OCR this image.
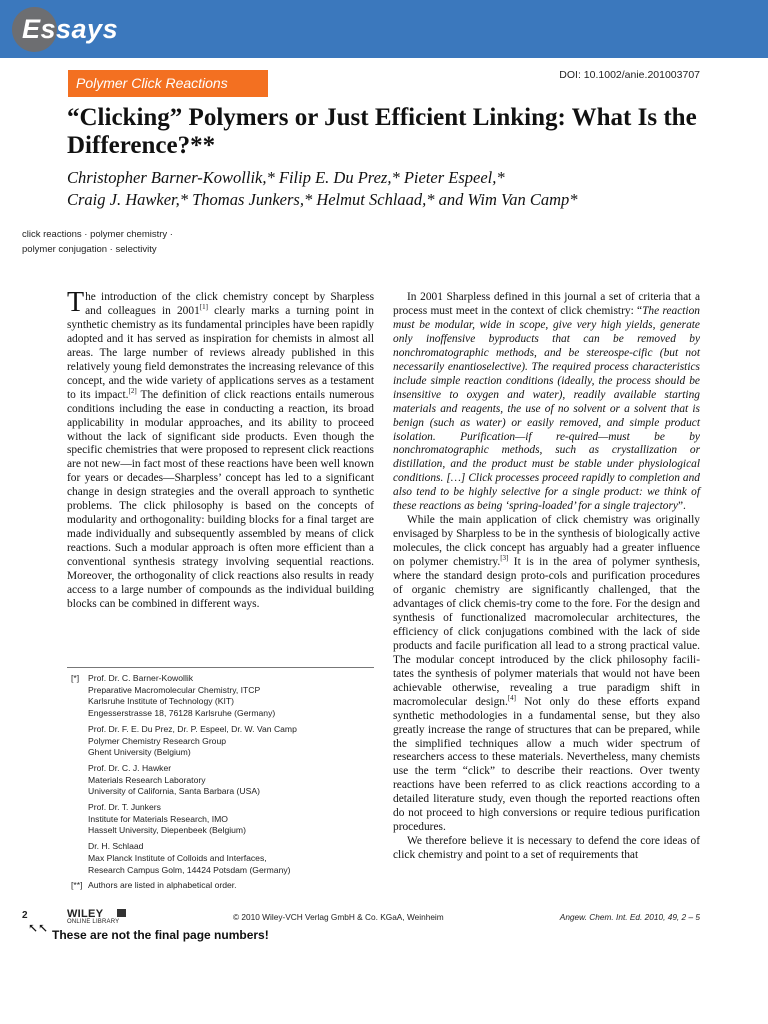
Essays
Polymer Click Reactions	DOI: 10.1002/anie.201003707
“Clicking” Polymers or Just Efficient Linking: What Is the Difference?**
Christopher Barner-Kowollik,* Filip E. Du Prez,* Pieter Espeel,*
Craig J. Hawker,* Thomas Junkers,* Helmut Schlaad,* and Wim Van Camp*
click reactions · polymer chemistry ·
polymer conjugation · selectivity

The introduction of the click chemistry concept by Sharpless and colleagues in 2001[1] clearly marks a turning point in synthetic chemistry as its fundamental principles have been rapidly adopted and it has served as inspiration for chemists in almost all areas. The large number of reviews already published in this relatively young field demonstrates the increasing relevance of this concept, and the wide variety of applications serves as a testament to its impact.[2] The definition of click reactions entails numerous conditions including the ease in conducting a reaction, its broad applicability in modular approaches, and its ability to proceed without the lack of significant side products. Even though the specific chemistries that were proposed to represent click reactions are not new—in fact most of these reactions have been well known for years or decades—Sharpless’ concept has led to a significant change in design strategies and the overall approach to synthetic problems. The click philosophy is based on the concepts of modularity and orthogonality: building blocks for a final target are made individually and subsequently assembled by means of click reactions. Such a modular approach is often more efficient than a conventional synthesis strategy involving sequential reactions. Moreover, the orthogonality of click reactions also results in ready access to a large number of compounds as the individual building blocks can be combined in different ways.

[*] Prof. Dr. C. Barner-Kowollik
Preparative Macromolecular Chemistry, ITCP
Karlsruhe Institute of Technology (KIT)
Engesserstrasse 18, 76128 Karlsruhe (Germany)
Prof. Dr. F. E. Du Prez, Dr. P. Espeel, Dr. W. Van Camp
Polymer Chemistry Research Group
Ghent University (Belgium)
Prof. Dr. C. J. Hawker
Materials Research Laboratory
University of California, Santa Barbara (USA)
Prof. Dr. T. Junkers
Institute for Materials Research, IMO
Hasselt University, Diepenbeek (Belgium)
Dr. H. Schlaad
Max Planck Institute of Colloids and Interfaces,
Research Campus Golm, 14424 Potsdam (Germany)
[**] Authors are listed in alphabetical order.

In 2001 Sharpless defined in this journal a set of criteria that a process must meet in the context of click chemistry: “The reaction must be modular, wide in scope, give very high yields, generate only inoffensive byproducts that can be removed by nonchromatographic methods, and be stereospe-cific (but not necessarily enantioselective). The required process characteristics include simple reaction conditions (ideally, the process should be insensitive to oxygen and water), readily available starting materials and reagents, the use of no solvent or a solvent that is benign (such as water) or easily removed, and simple product isolation. Purification—if re-quired—must be by nonchromatographic methods, such as crystallization or distillation, and the product must be stable under physiological conditions. […] Click processes proceed rapidly to completion and also tend to be highly selective for a single product: we think of these reactions as being ‘spring-loaded’ for a single trajectory”.

While the main application of click chemistry was originally envisaged by Sharpless to be in the synthesis of biologically active molecules, the click concept has arguably had a greater influence on polymer chemistry.[3] It is in the area of polymer synthesis, where the standard design proto-cols and purification procedures of organic chemistry are significantly challenged, that the advantages of click chemis-try come to the fore. For the design and synthesis of functionalized macromolecular architectures, the efficiency of click conjugations combined with the lack of side products and facile purification all lead to a strong practical value. The modular concept introduced by the click philosophy facili-tates the synthesis of polymer materials that would not have been achievable otherwise, revealing a true paradigm shift in macromolecular design.[4] Not only do these efforts expand synthetic methodologies in a fundamental sense, but they also greatly increase the range of structures that can be prepared, while the simplified techniques allow a much wider spectrum of researchers access to these materials. Nevertheless, many chemists use the term “click” to describe their reactions. Over twenty reactions have been referred to as click reactions according to a detailed literature study, even though the reported reactions often do not proceed to high conversions or require tedious purification procedures.

We therefore believe it is necessary to defend the core ideas of click chemistry and point to a set of requirements that

2	WILEY
ONLINE LIBRARY	© 2010 Wiley-VCH Verlag GmbH & Co. KGaA, Weinheim	Angew. Chem. Int. Ed. 2010, 49, 2 – 5
↖↖ These are not the final page numbers!
